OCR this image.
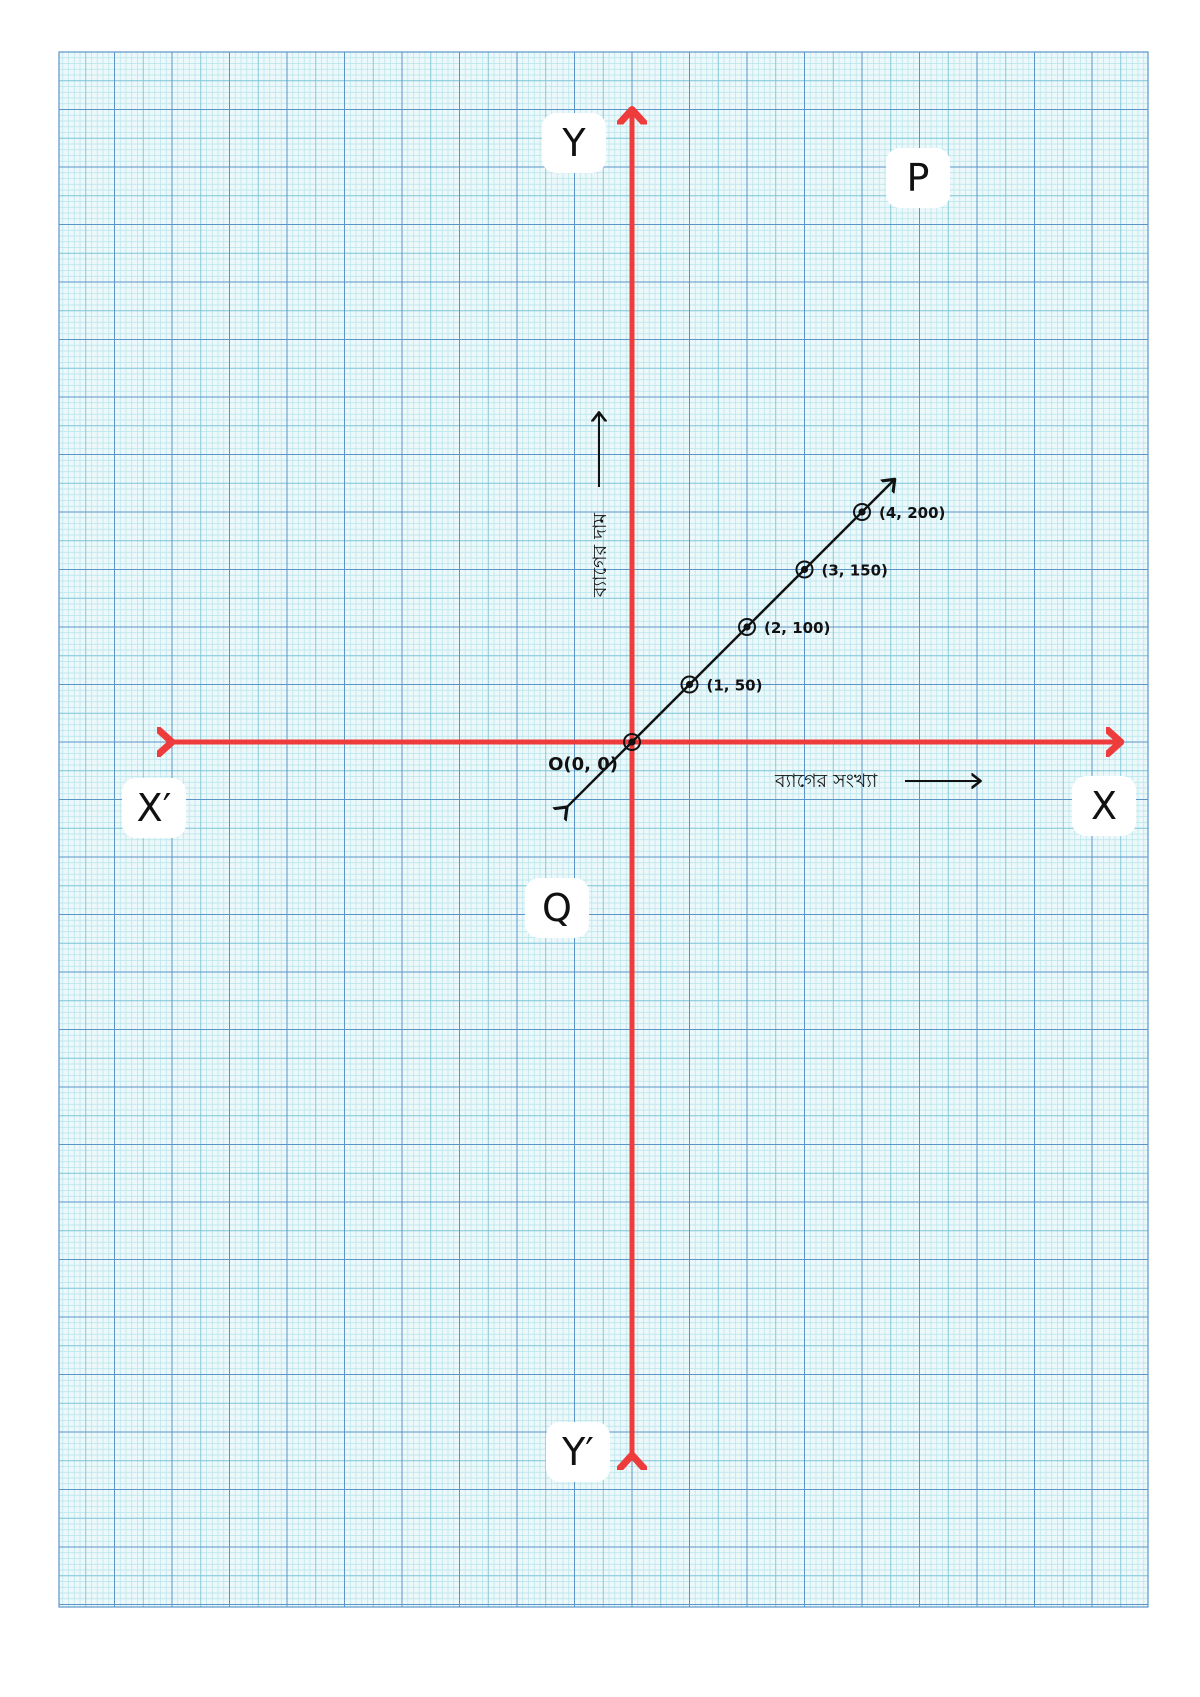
O(0, 0)
(1, 50)
(2, 100)
(3, 150)
(4, 200)
Y
Y′
X
X′
P
Q
ব্যাগের সংখ্যা
ব্যাগের দাম
